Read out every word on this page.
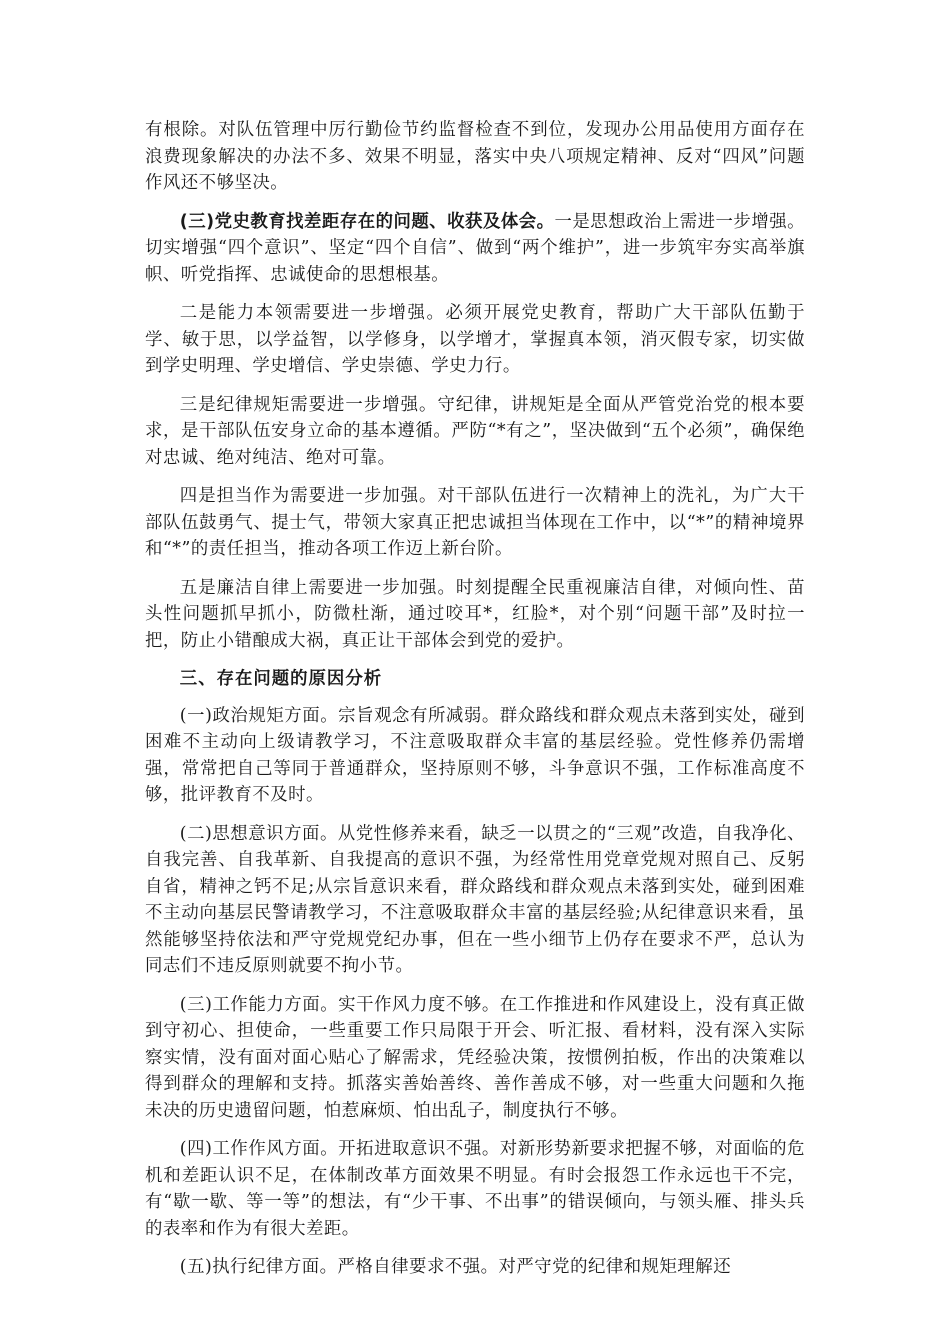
有根除。对队伍管理中厉行勤俭节约监督检查不到位，发现办公用品使用方面存在浪费现象解决的办法不多、效果不明显，落实中央八项规定精神、反对“四风”问题作风还不够坚决。

(三)党史教育找差距存在的问题、收获及体会。一是思想政治上需进一步增强。切实增强“四个意识”、坚定“四个自信”、做到“两个维护”，进一步筑牢夯实高举旗帜、听党指挥、忠诚使命的思想根基。

二是能力本领需要进一步增强。必须开展党史教育，帮助广大干部队伍勤于学、敏于思，以学益智，以学修身，以学增才，掌握真本领，消灭假专家，切实做到学史明理、学史增信、学史崇德、学史力行。

三是纪律规矩需要进一步增强。守纪律，讲规矩是全面从严管党治党的根本要求，是干部队伍安身立命的基本遵循。严防“*有之”，坚决做到“五个必须”，确保绝对忠诚、绝对纯洁、绝对可靠。

四是担当作为需要进一步加强。对干部队伍进行一次精神上的洗礼，为广大干部队伍鼓勇气、提士气，带领大家真正把忠诚担当体现在工作中，以“*”的精神境界和“*”的责任担当，推动各项工作迈上新台阶。

五是廉洁自律上需要进一步加强。时刻提醒全民重视廉洁自律，对倾向性、苗头性问题抓早抓小，防微杜渐，通过咬耳*，红脸*，对个别“问题干部”及时拉一把，防止小错酿成大祸，真正让干部体会到党的爱护。

三、存在问题的原因分析

(一)政治规矩方面。宗旨观念有所减弱。群众路线和群众观点未落到实处，碰到困难不主动向上级请教学习，不注意吸取群众丰富的基层经验。党性修养仍需增强，常常把自己等同于普通群众，坚持原则不够，斗争意识不强，工作标准高度不够，批评教育不及时。

(二)思想意识方面。从党性修养来看，缺乏一以贯之的“三观”改造，自我净化、自我完善、自我革新、自我提高的意识不强，为经常性用党章党规对照自己、反躬自省，精神之钙不足;从宗旨意识来看，群众路线和群众观点未落到实处，碰到困难不主动向基层民警请教学习，不注意吸取群众丰富的基层经验;从纪律意识来看，虽然能够坚持依法和严守党规党纪办事，但在一些小细节上仍存在要求不严，总认为同志们不违反原则就要不拘小节。

(三)工作能力方面。实干作风力度不够。在工作推进和作风建设上，没有真正做到守初心、担使命，一些重要工作只局限于开会、听汇报、看材料，没有深入实际察实情，没有面对面心贴心了解需求，凭经验决策，按惯例拍板，作出的决策难以得到群众的理解和支持。抓落实善始善终、善作善成不够，对一些重大问题和久拖未决的历史遗留问题，怕惹麻烦、怕出乱子，制度执行不够。

(四)工作作风方面。开拓进取意识不强。对新形势新要求把握不够，对面临的危机和差距认识不足，在体制改革方面效果不明显。有时会报怨工作永远也干不完，有“歇一歇、等一等”的想法，有“少干事、不出事”的错误倾向，与领头雁、排头兵的表率和作为有很大差距。

(五)执行纪律方面。严格自律要求不强。对严守党的纪律和规矩理解还
